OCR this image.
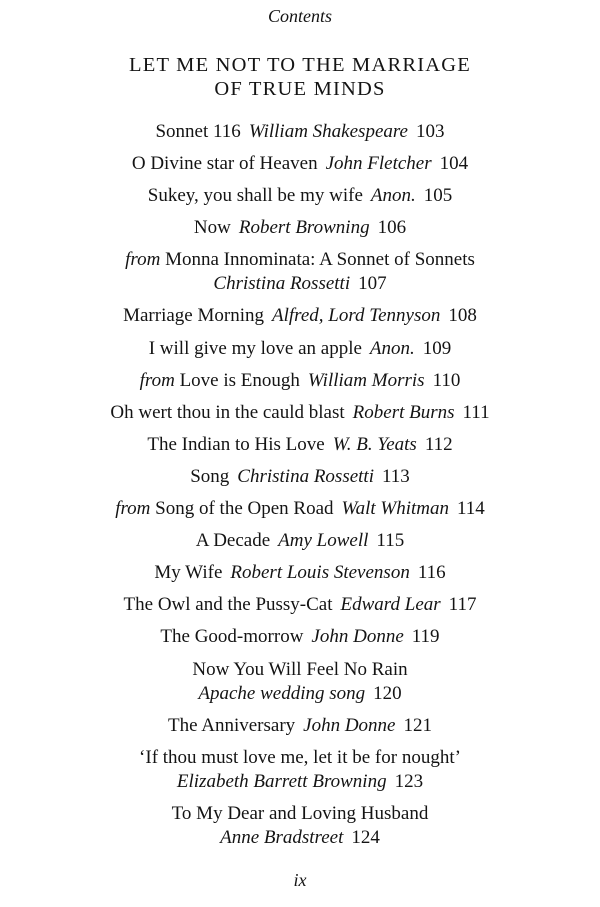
Contents
LET ME NOT TO THE MARRIAGE
OF TRUE MINDS
Sonnet 116 William Shakespeare 103
O Divine star of Heaven John Fletcher 104
Sukey, you shall be my wife Anon. 105
Now Robert Browning 106
from Monna Innominata: A Sonnet of Sonnets
Christina Rossetti 107
Marriage Morning Alfred, Lord Tennyson 108
I will give my love an apple Anon. 109
from Love is Enough William Morris 110
Oh wert thou in the cauld blast Robert Burns 111
The Indian to His Love W. B. Yeats 112
Song Christina Rossetti 113
from Song of the Open Road Walt Whitman 114
A Decade Amy Lowell 115
My Wife Robert Louis Stevenson 116
The Owl and the Pussy-Cat Edward Lear 117
The Good-morrow John Donne 119
Now You Will Feel No Rain
Apache wedding song 120
The Anniversary John Donne 121
‘If thou must love me, let it be for nought’
Elizabeth Barrett Browning 123
To My Dear and Loving Husband
Anne Bradstreet 124
ix
